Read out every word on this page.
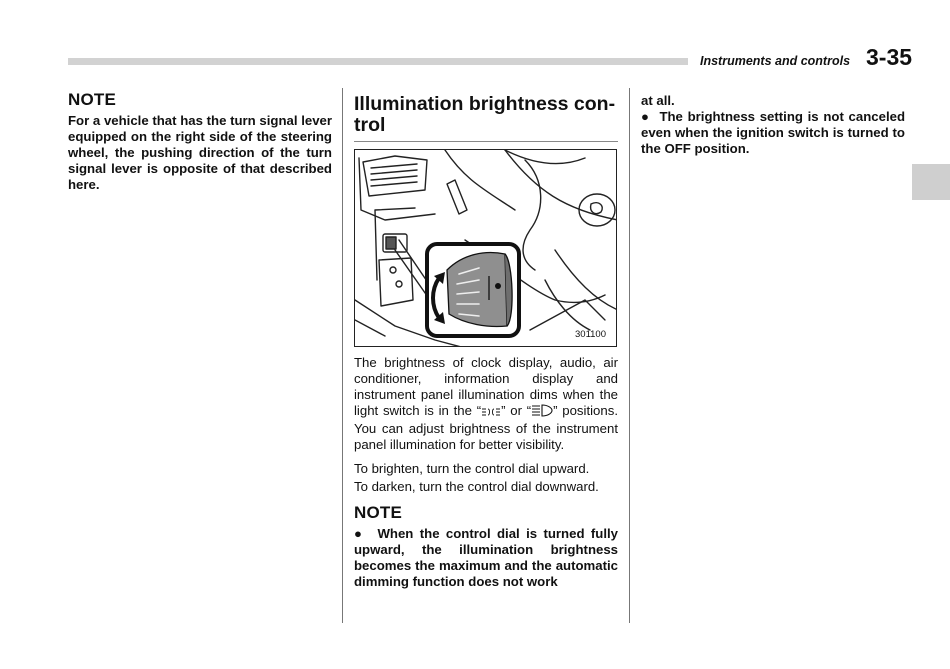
Instruments and controls 3-35
NOTE

For a vehicle that has the turn signal lever equipped on the right side of the steering wheel, the pushing direction of the turn signal lever is opposite of that described here.

Illumination brightness con-trol
301100

The brightness of clock display, audio, air conditioner, information display and instrument panel illumination dims when the light switch is in the “ ” or “ ” positions. You can adjust brightness of the instrument panel illumination for better visibility.

To brighten, turn the control dial upward.

To darken, turn the control dial downward.

NOTE

●  When the control dial is turned fully upward, the illumination brightness becomes the maximum and the automatic dimming function does not work

at all.

●  The brightness setting is not canceled even when the ignition switch is turned to the OFF position.
